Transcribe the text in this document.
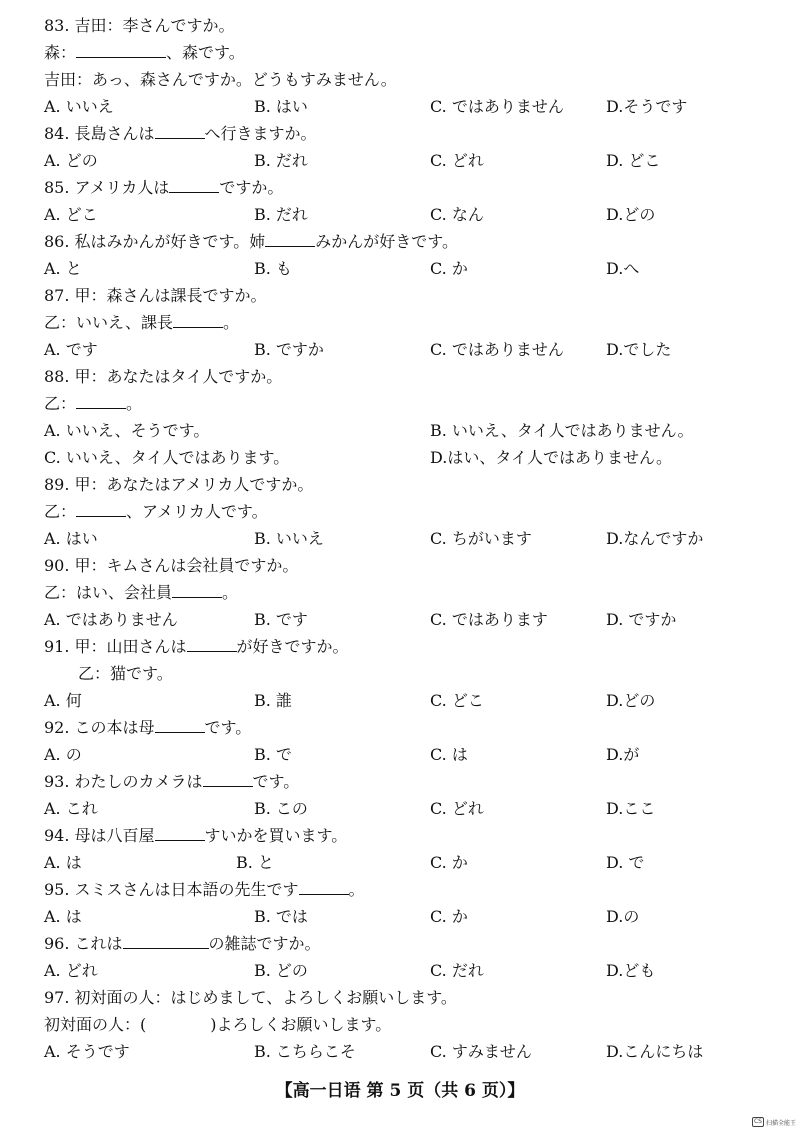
83. 吉田：李さんですか。
森：	、森です。
吉田：あっ、森さんですか。どうもすみません。
A. いいえ	B. はい	C. ではありません	D.そうです
84. 長島さんは	へ行きますか。
A. どの	B. だれ	C. どれ	D. どこ
85. アメリカ人は	ですか。
A. どこ	B. だれ	C. なん	D.どの
86. 私はみかんが好きです。姉	みかんが好きです。
A. と	B. も	C. か	D.へ
87. 甲：森さんは課長ですか。
乙：いいえ、課長	。
A. です	B. ですか	C. ではありません	D.でした
88. 甲：あなたはタイ人ですか。
乙：	。
A. いいえ、そうです。	B. いいえ、タイ人ではありません。
C. いいえ、タイ人ではあります。	D.はい、タイ人ではありません。
89. 甲：あなたはアメリカ人ですか。
乙：	、アメリカ人です。
A. はい	B. いいえ	C. ちがいます	D.なんですか
90. 甲：キムさんは会社員ですか。
乙：はい、会社員	。
A. ではありません	B. です	C. ではあります	D. ですか
91. 甲：山田さんは	が好きですか。
乙：猫です。
A. 何	B. 誰	C. どこ	D.どの
92. この本は母	です。
A. の	B. で	C. は	D.が
93. わたしのカメラは	です。
A. これ	B. この	C. どれ	D.ここ
94. 母は八百屋	すいかを買います。
A. は	B. と	C. か	D. で
95. スミスさんは日本語の先生です	。
A. は	B. では	C. か	D.の
96. これは	の雑誌ですか。
A. どれ	B. どの	C. だれ	D.ども
97. 初対面の人：はじめまして、よろしくお願いします。
初対面の人：(　　　　)よろしくお願いします。
A. そうです	B. こちらこそ	C. すみません	D.こんにちは
【高一日语 第 5 页（共 6 页）】
CS 扫描全能王
